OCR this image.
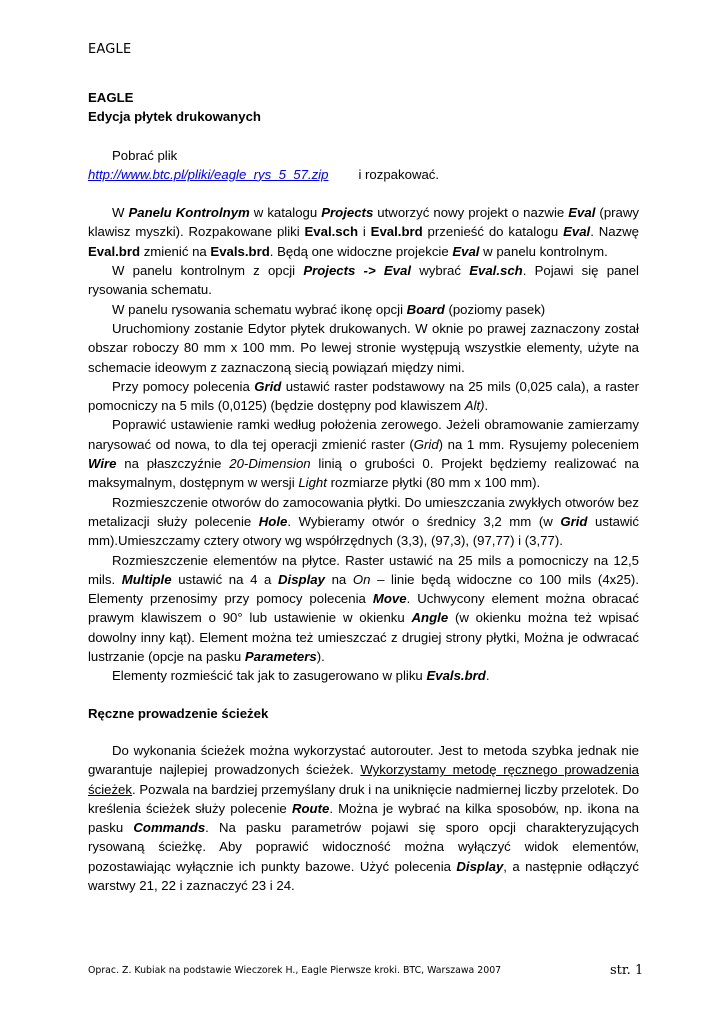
EAGLE

EAGLE

Edycja płytek drukowanych

Pobrać plik

http://www.btc.pl/pliki/eagle_rys_5_57.zip i rozpakować.

W Panelu Kontrolnym w katalogu Projects utworzyć nowy projekt o nazwie Eval (prawy klawisz myszki). Rozpakowane pliki Eval.sch i Eval.brd przenieść do katalogu Eval. Nazwę Eval.brd zmienić na Evals.brd. Będą one widoczne projekcie Eval w panelu kontrolnym.

W panelu kontrolnym z opcji Projects -> Eval wybrać Eval.sch. Pojawi się panel rysowania schematu.

W panelu rysowania schematu wybrać ikonę opcji Board (poziomy pasek)

Uruchomiony zostanie Edytor płytek drukowanych. W oknie po prawej zaznaczony został obszar roboczy 80 mm x 100 mm. Po lewej stronie występują wszystkie elementy, użyte na schemacie ideowym z zaznaczoną siecią powiązań między nimi.

Przy pomocy polecenia Grid ustawić raster podstawowy na 25 mils (0,025 cala), a raster pomocniczy na 5 mils (0,0125) (będzie dostępny pod klawiszem Alt).

Poprawić ustawienie ramki według położenia zerowego. Jeżeli obramowanie zamierzamy narysować od nowa, to dla tej operacji zmienić raster (Grid) na 1 mm. Rysujemy poleceniem Wire na płaszczyźnie 20-Dimension linią o grubości 0. Projekt będziemy realizować na maksymalnym, dostępnym w wersji Light rozmiarze płytki (80 mm x 100 mm).

Rozmieszczenie otworów do zamocowania płytki. Do umieszczania zwykłych otworów bez metalizacji służy polecenie Hole. Wybieramy otwór o średnicy 3,2 mm (w Grid ustawić mm).Umieszczamy cztery otwory wg współrzędnych (3,3), (97,3), (97,77) i (3,77).

Rozmieszczenie elementów na płytce. Raster ustawić na 25 mils a pomocniczy na 12,5 mils. Multiple ustawić na 4 a Display na On – linie będą widoczne co 100 mils (4x25). Elementy przenosimy przy pomocy polecenia Move. Uchwycony element można obracać prawym klawiszem o 90° lub ustawienie w okienku Angle (w okienku można też wpisać dowolny inny kąt). Element można też umieszczać z drugiej strony płytki, Można je odwracać lustrzanie (opcje na pasku Parameters).

Elementy rozmieścić tak jak to zasugerowano w pliku Evals.brd.

Ręczne prowadzenie ścieżek

Do wykonania ścieżek można wykorzystać autorouter. Jest to metoda szybka jednak nie gwarantuje najlepiej prowadzonych ścieżek. Wykorzystamy metodę ręcznego prowadzenia ścieżek. Pozwala na bardziej przemyślany druk i na uniknięcie nadmiernej liczby przelotek. Do kreślenia ścieżek służy polecenie Route. Można je wybrać na kilka sposobów, np. ikona na pasku Commands. Na pasku parametrów pojawi się sporo opcji charakteryzujących rysowaną ścieżkę. Aby poprawić widoczność można wyłączyć widok elementów, pozostawiając wyłącznie ich punkty bazowe. Użyć polecenia Display, a następnie odłączyć warstwy 21, 22 i zaznaczyć 23 i 24.

Oprac. Z. Kubiak na podstawie Wieczorek H., Eagle Pierwsze kroki. BTC, Warszawa 2007	str. 1
